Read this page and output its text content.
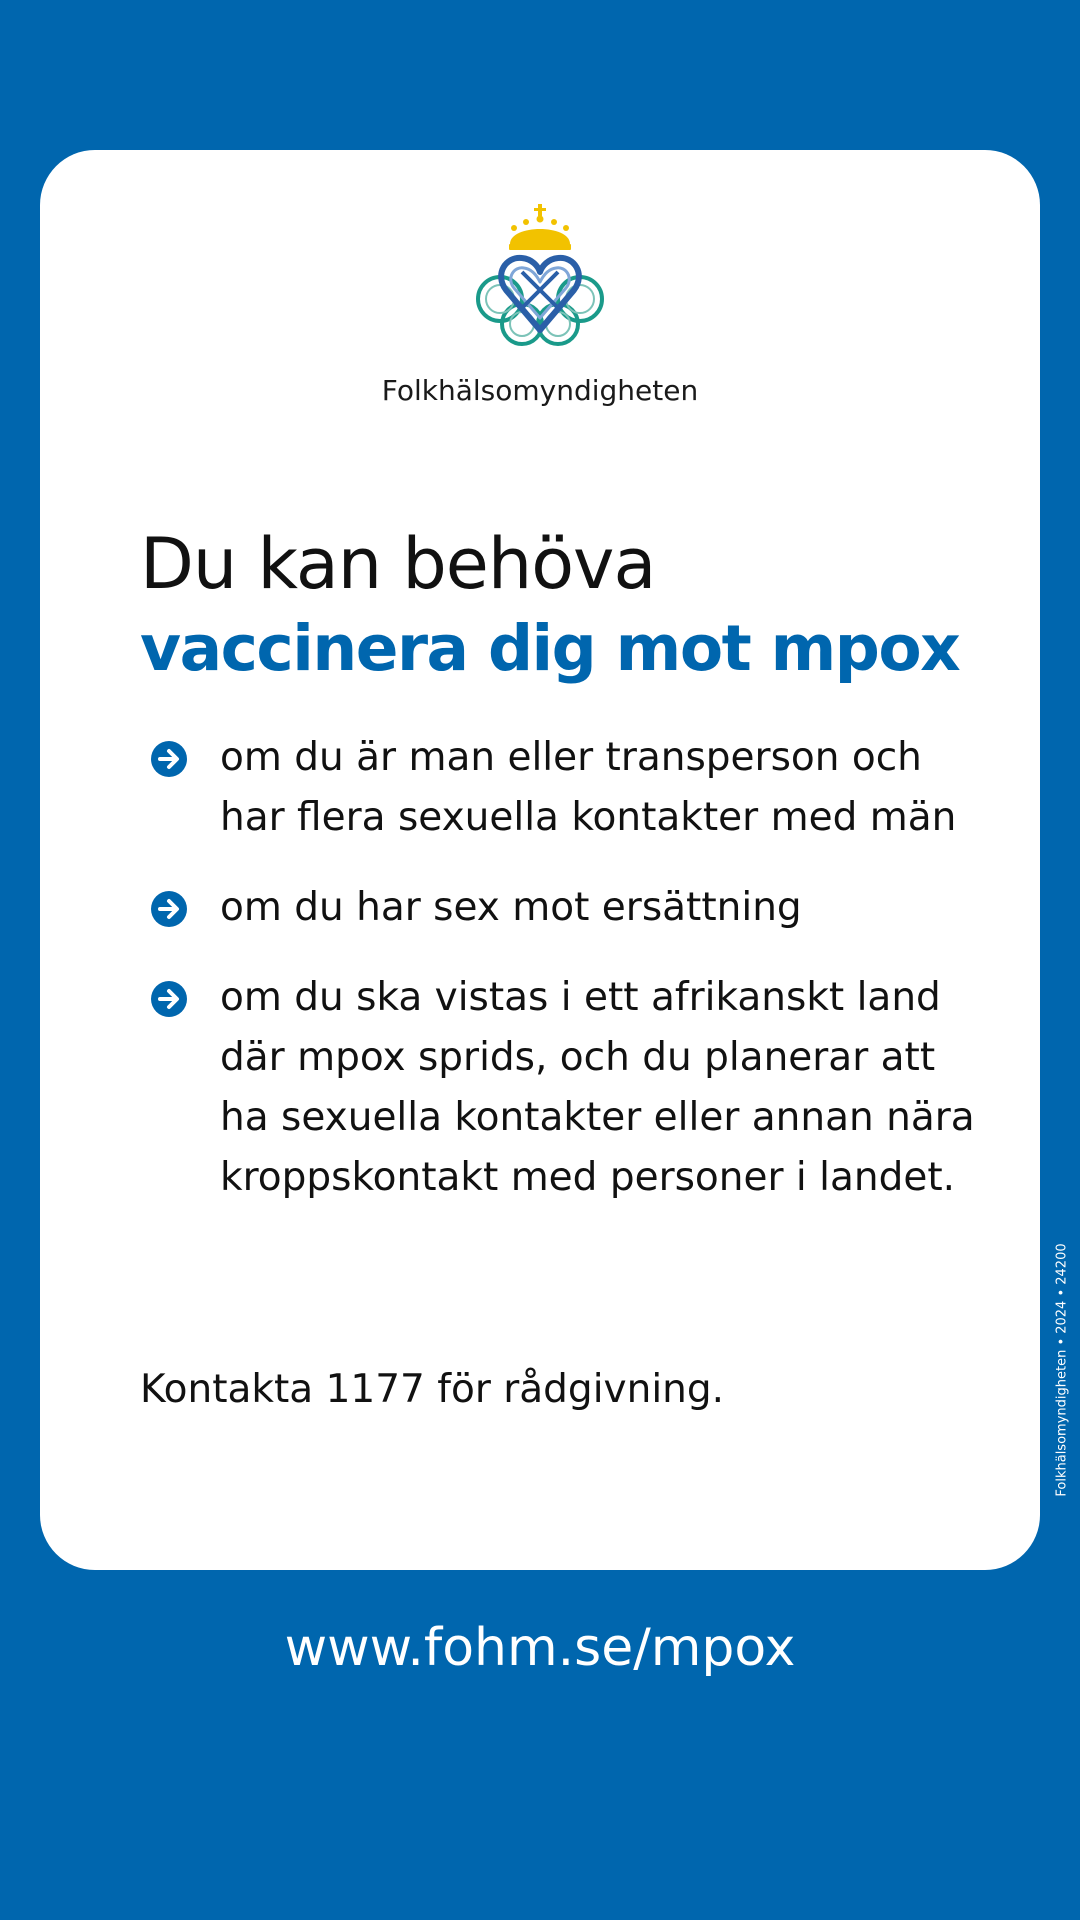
Folkhälsomyndigheten
Du kan behöva
vaccinera dig mot mpox
om du är man eller transperson och har flera sexuella kontakter med män
om du har sex mot ersättning
om du ska vistas i ett afrikanskt land där mpox sprids, och du planerar att ha sexuella kontakter eller annan nära kroppskontakt med personer i landet.
Kontakta 1177 för rådgivning.
www.fohm.se/mpox
Folkhälsomyndigheten • 2024 • 24200
